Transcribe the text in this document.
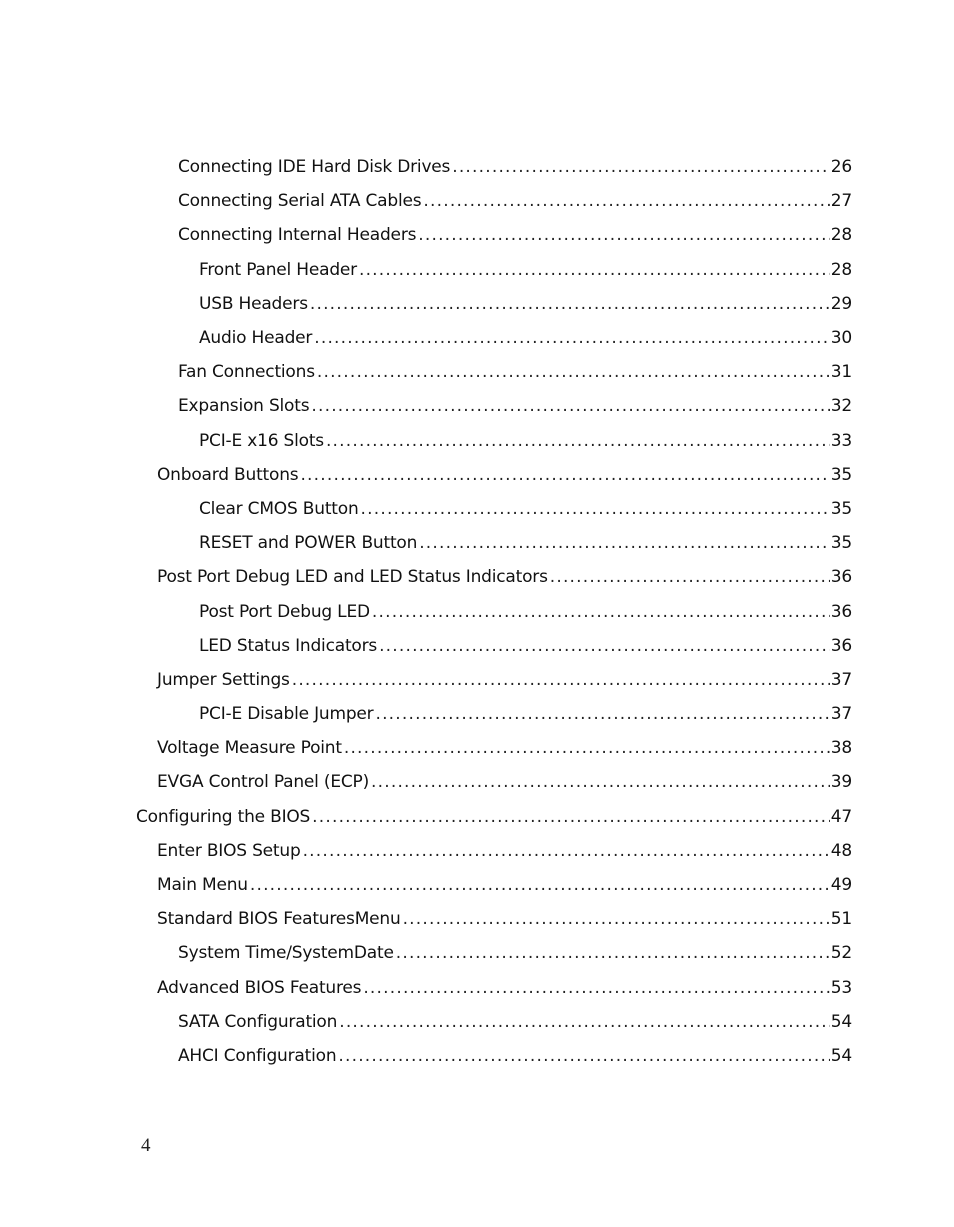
Connecting IDE Hard Disk Drives .....	26
Connecting Serial ATA Cables .....	27
Connecting Internal Headers .....	28
Front Panel Header .....	28
USB Headers .....	29
Audio Header .....	30
Fan Connections .....	31
Expansion Slots .....	32
PCI-E x16 Slots .....	33
Onboard Buttons .....	35
Clear CMOS Button .....	35
RESET and POWER Button .....	35
Post Port Debug LED and LED Status Indicators .....	36
Post Port Debug LED .....	36
LED Status Indicators .....	36
Jumper Settings .....	37
PCI-E Disable Jumper .....	37
Voltage Measure Point .....	38
EVGA Control Panel (ECP) .....	39
Configuring the BIOS .....	47
Enter BIOS Setup .....	48
Main Menu .....	49
Standard BIOS FeaturesMenu .....	51
System Time/SystemDate .....	52
Advanced BIOS Features .....	53
SATA Configuration .....	54
AHCI Configuration .....	54
4
